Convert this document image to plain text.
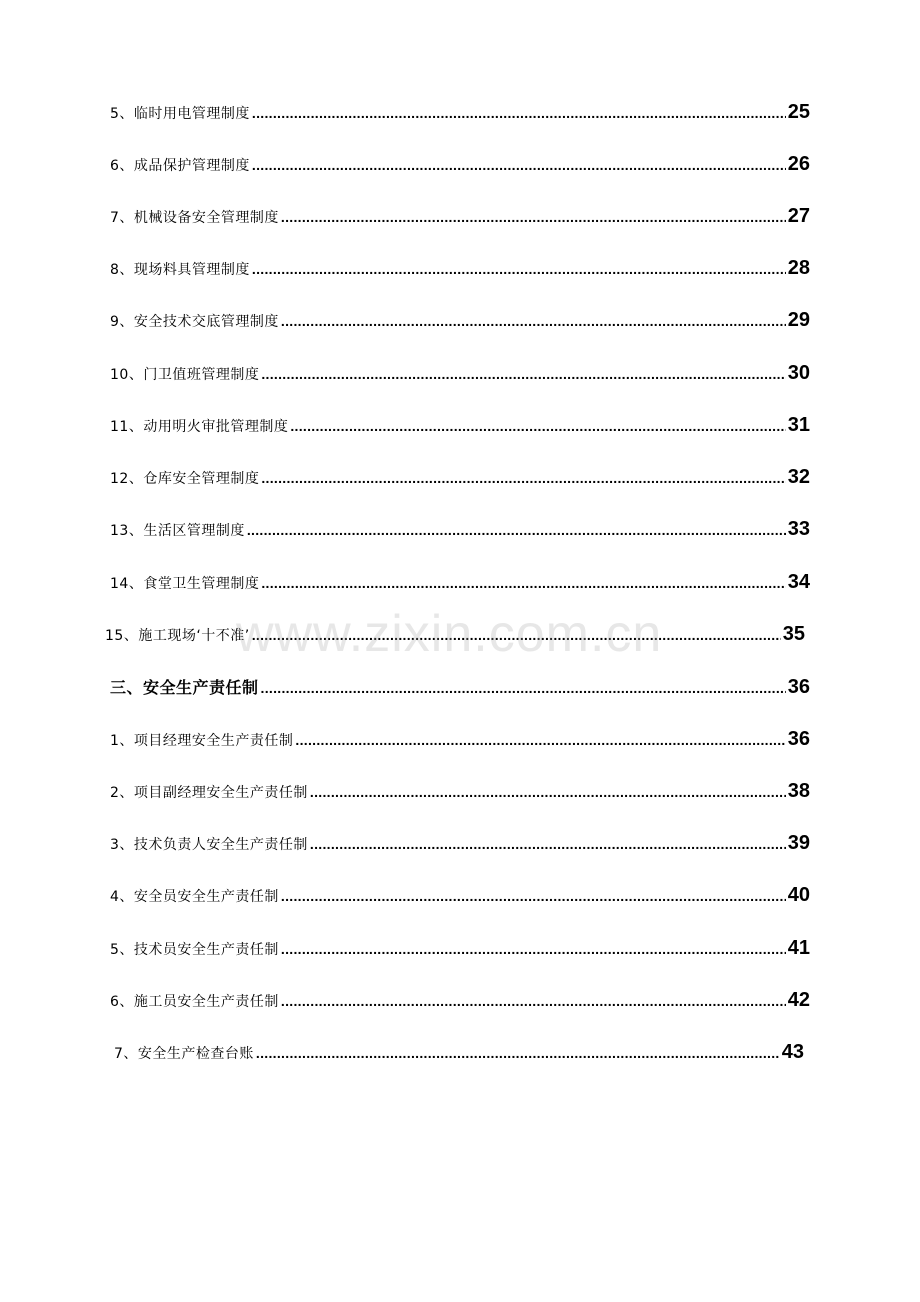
5、临时用电管理制度 .....	25
6、成品保护管理制度 .....	26
7、机械设备安全管理制度 .....	27
8、现场料具管理制度 .....	28
9、安全技术交底管理制度 .....	29
10、门卫值班管理制度 .....	30
11、动用明火审批管理制度 .....	31
12、仓库安全管理制度 .....	32
13、生活区管理制度 .....	33
14、食堂卫生管理制度 .....	34
15、施工现场‘十不准’ .....	35
三、安全生产责任制 .....	36
1、项目经理安全生产责任制 .....	36
2、项目副经理安全生产责任制 .....	38
3、技术负责人安全生产责任制 .....	39
4、安全员安全生产责任制 .....	40
5、技术员安全生产责任制 .....	41
6、施工员安全生产责任制 .....	42
7、安全生产检查台账 .....	43
www.zixin.com.cn
